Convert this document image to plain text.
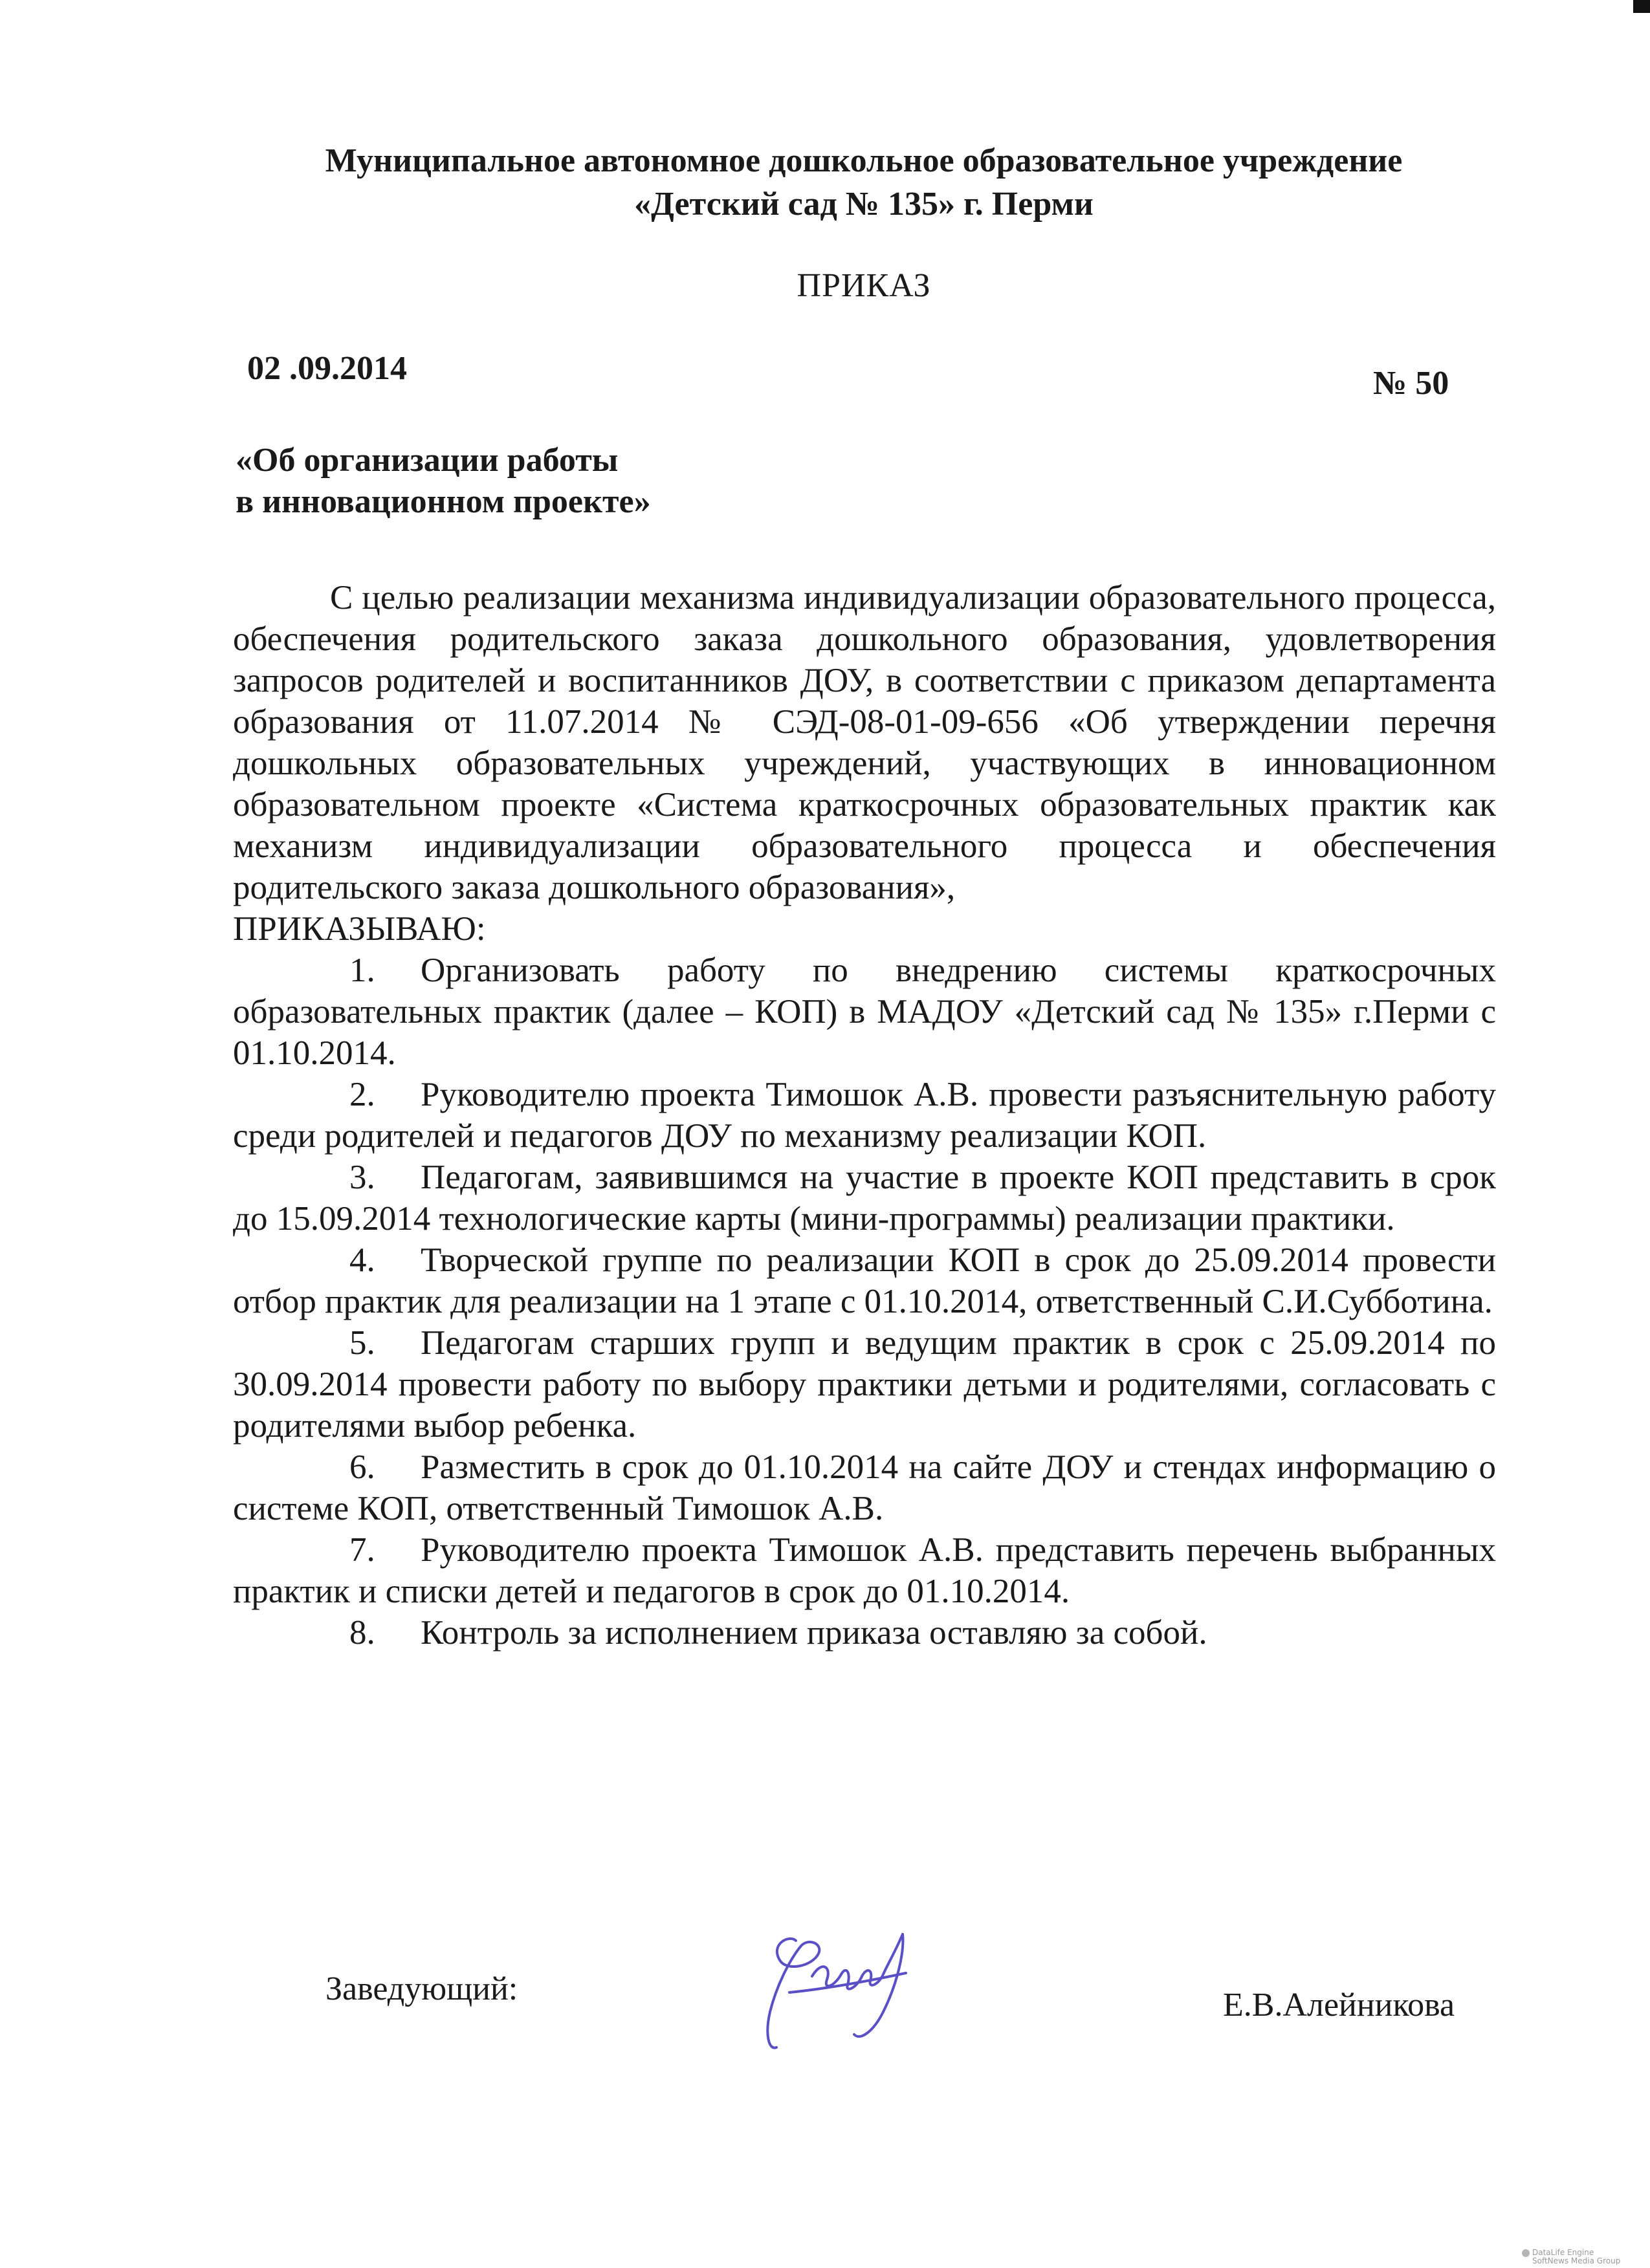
Муниципальное автономное дошкольное образовательное учреждение
«Детский сад № 135» г. Перми
ПРИКАЗ
02 .09.2014	№ 50
«Об организации работы
в инновационном проекте»

С целью реализации механизма индивидуализации образовательного процесса, обеспечения родительского заказа дошкольного образования, удовлетворения запросов родителей и воспитанников ДОУ, в соответствии с приказом департамента образования от 11.07.2014 № СЭД-08-01-09-656 «Об утверждении перечня дошкольных образовательных учреждений, участвующих в инновационном образовательном проекте «Система краткосрочных образовательных практик как механизм индивидуализации образовательного процесса и обеспечения родительского заказа дошкольного образования»,

ПРИКАЗЫВАЮ:

1. Организовать работу по внедрению системы краткосрочных образовательных практик (далее – КОП) в МАДОУ «Детский сад № 135» г.Перми с 01.10.2014.

2. Руководителю проекта Тимошок А.В. провести разъяснительную работу среди родителей и педагогов ДОУ по механизму реализации КОП.

3. Педагогам, заявившимся на участие в проекте КОП представить в срок до 15.09.2014 технологические карты (мини-программы) реализации практики.

4. Творческой группе по реализации КОП в срок до 25.09.2014 провести отбор практик для реализации на 1 этапе с 01.10.2014, ответственный С.И.Субботина.

5. Педагогам старших групп и ведущим практик в срок с 25.09.2014 по 30.09.2014 провести работу по выбору практики детьми и родителями, согласовать с родителями выбор ребенка.

6. Разместить в срок до 01.10.2014 на сайте ДОУ и стендах информацию о системе КОП, ответственный Тимошок А.В.

7. Руководителю проекта Тимошок А.В. представить перечень выбранных практик и списки детей и педагогов в срок до 01.10.2014.

8. Контроль за исполнением приказа оставляю за собой.

Заведующий:	Е.В.Алейникова
DataLife Engine
SoftNews Media Group
